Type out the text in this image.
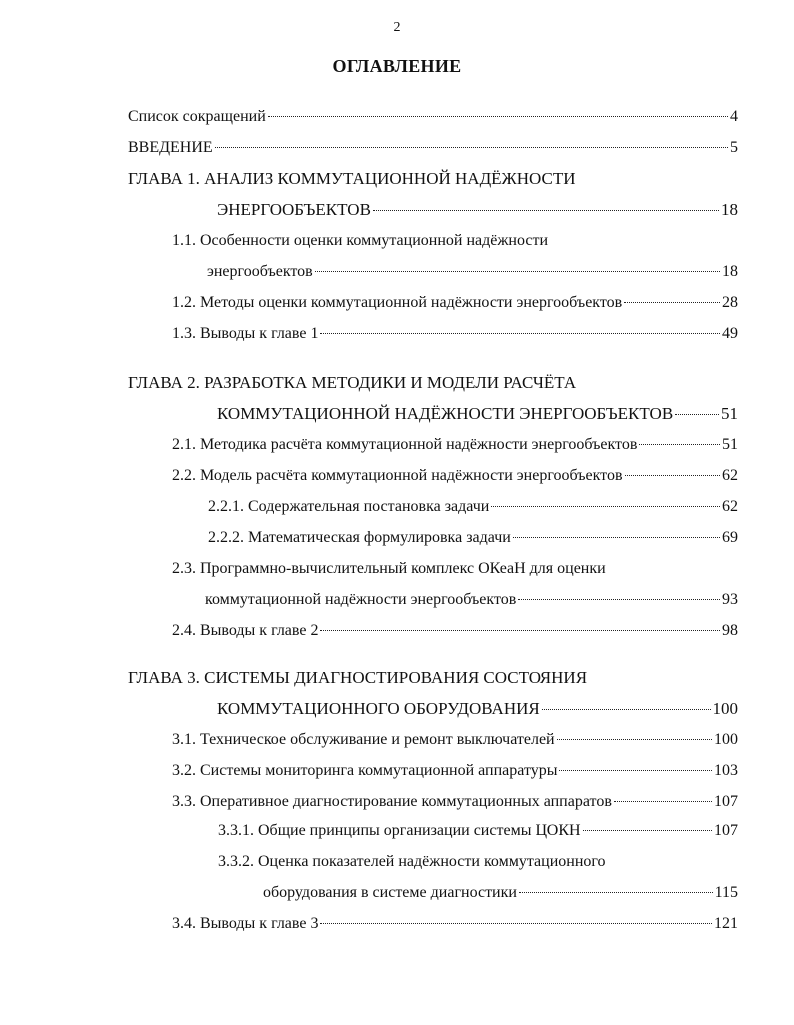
2
ОГЛАВЛЕНИЕ
Список сокращений	4
ВВЕДЕНИЕ	5
ГЛАВА 1. АНАЛИЗ КОММУТАЦИОННОЙ НАДЁЖНОСТИ
ЭНЕРГООБЪЕКТОВ	18
1.1. Особенности оценки коммутационной надёжности
энергообъектов	18
1.2. Методы оценки коммутационной надёжности энергообъектов	28
1.3. Выводы к главе 1	49
ГЛАВА 2. РАЗРАБОТКА МЕТОДИКИ И МОДЕЛИ РАСЧЁТА
КОММУТАЦИОННОЙ НАДЁЖНОСТИ ЭНЕРГООБЪЕКТОВ	51
2.1. Методика расчёта коммутационной надёжности энергообъектов	51
2.2. Модель расчёта коммутационной надёжности энергообъектов	62
2.2.1. Содержательная постановка задачи	62
2.2.2. Математическая формулировка задачи	69
2.3. Программно-вычислительный комплекс ОКеаН для оценки
коммутационной надёжности энергообъектов	93
2.4. Выводы к главе 2	98
ГЛАВА 3. СИСТЕМЫ ДИАГНОСТИРОВАНИЯ СОСТОЯНИЯ
КОММУТАЦИОННОГО ОБОРУДОВАНИЯ	100
3.1. Техническое обслуживание и ремонт выключателей	100
3.2. Системы мониторинга коммутационной аппаратуры	103
3.3. Оперативное диагностирование коммутационных аппаратов	107
3.3.1. Общие принципы организации системы ЦОКН	107
3.3.2. Оценка показателей надёжности коммутационного
оборудования в системе диагностики	115
3.4. Выводы к главе 3	121
